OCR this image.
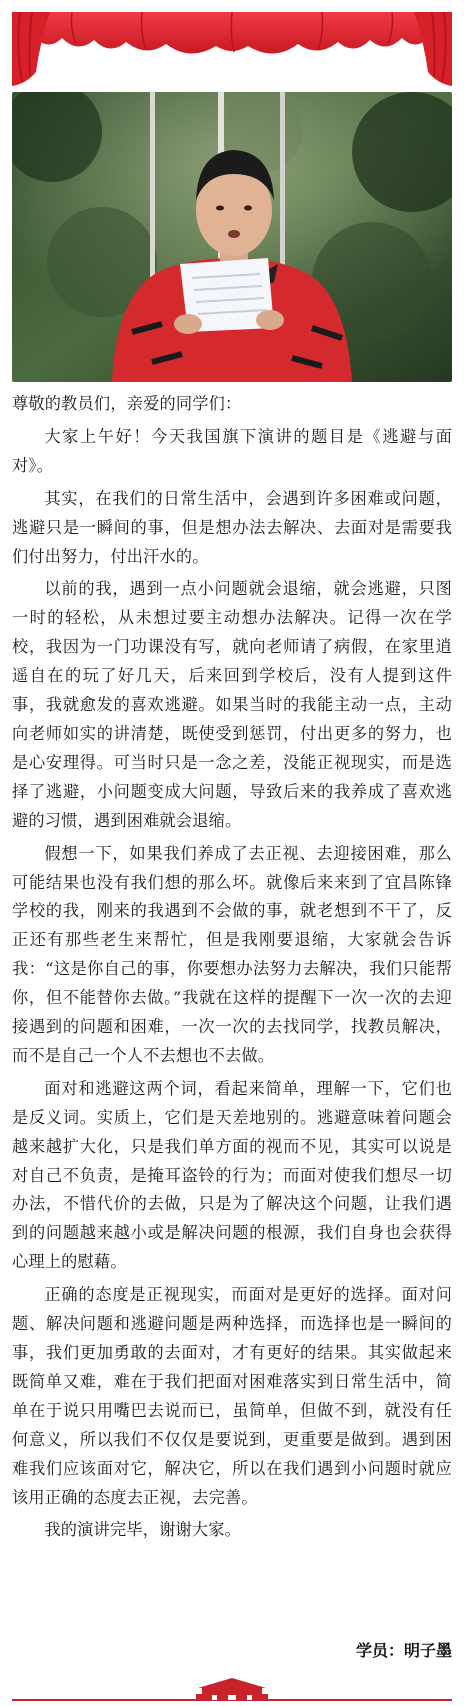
尊敬的教员们，亲爱的同学们：

大家上午好！今天我国旗下演讲的题目是《逃避与面对》。

其实，在我们的日常生活中，会遇到许多困难或问题，逃避只是一瞬间的事，但是想办法去解决、去面对是需要我们付出努力，付出汗水的。

以前的我，遇到一点小问题就会退缩，就会逃避，只图一时的轻松，从未想过要主动想办法解决。记得一次在学校，我因为一门功课没有写，就向老师请了病假，在家里逍遥自在的玩了好几天，后来回到学校后，没有人提到这件事，我就愈发的喜欢逃避。如果当时的我能主动一点，主动向老师如实的讲清楚，既使受到惩罚，付出更多的努力，也是心安理得。可当时只是一念之差，没能正视现实，而是选择了逃避，小问题变成大问题，导致后来的我养成了喜欢逃避的习惯，遇到困难就会退缩。

假想一下，如果我们养成了去正视、去迎接困难，那么可能结果也没有我们想的那么坏。就像后来来到了宜昌陈锋学校的我，刚来的我遇到不会做的事，就老想到不干了，反正还有那些老生来帮忙，但是我刚要退缩，大家就会告诉我：“这是你自己的事，你要想办法努力去解决，我们只能帮你，但不能替你去做。”我就在这样的提醒下一次一次的去迎接遇到的问题和困难，一次一次的去找同学，找教员解决，而不是自己一个人不去想也不去做。

面对和逃避这两个词，看起来简单，理解一下，它们也是反义词。实质上，它们是天差地别的。逃避意味着问题会越来越扩大化，只是我们单方面的视而不见，其实可以说是对自己不负责，是掩耳盗铃的行为；而面对使我们想尽一切办法，不惜代价的去做，只是为了解决这个问题，让我们遇到的问题越来越小或是解决问题的根源，我们自身也会获得心理上的慰藉。

正确的态度是正视现实，而面对是更好的选择。面对问题、解决问题和逃避问题是两种选择，而选择也是一瞬间的事，我们更加勇敢的去面对，才有更好的结果。其实做起来既简单又难，难在于我们把面对困难落实到日常生活中，简单在于说只用嘴巴去说而已，虽简单，但做不到，就没有任何意义，所以我们不仅仅是要说到，更重要是做到。遇到困难我们应该面对它，解决它，所以在我们遇到小问题时就应该用正确的态度去正视，去完善。

我的演讲完毕，谢谢大家。

学员：明子墨
